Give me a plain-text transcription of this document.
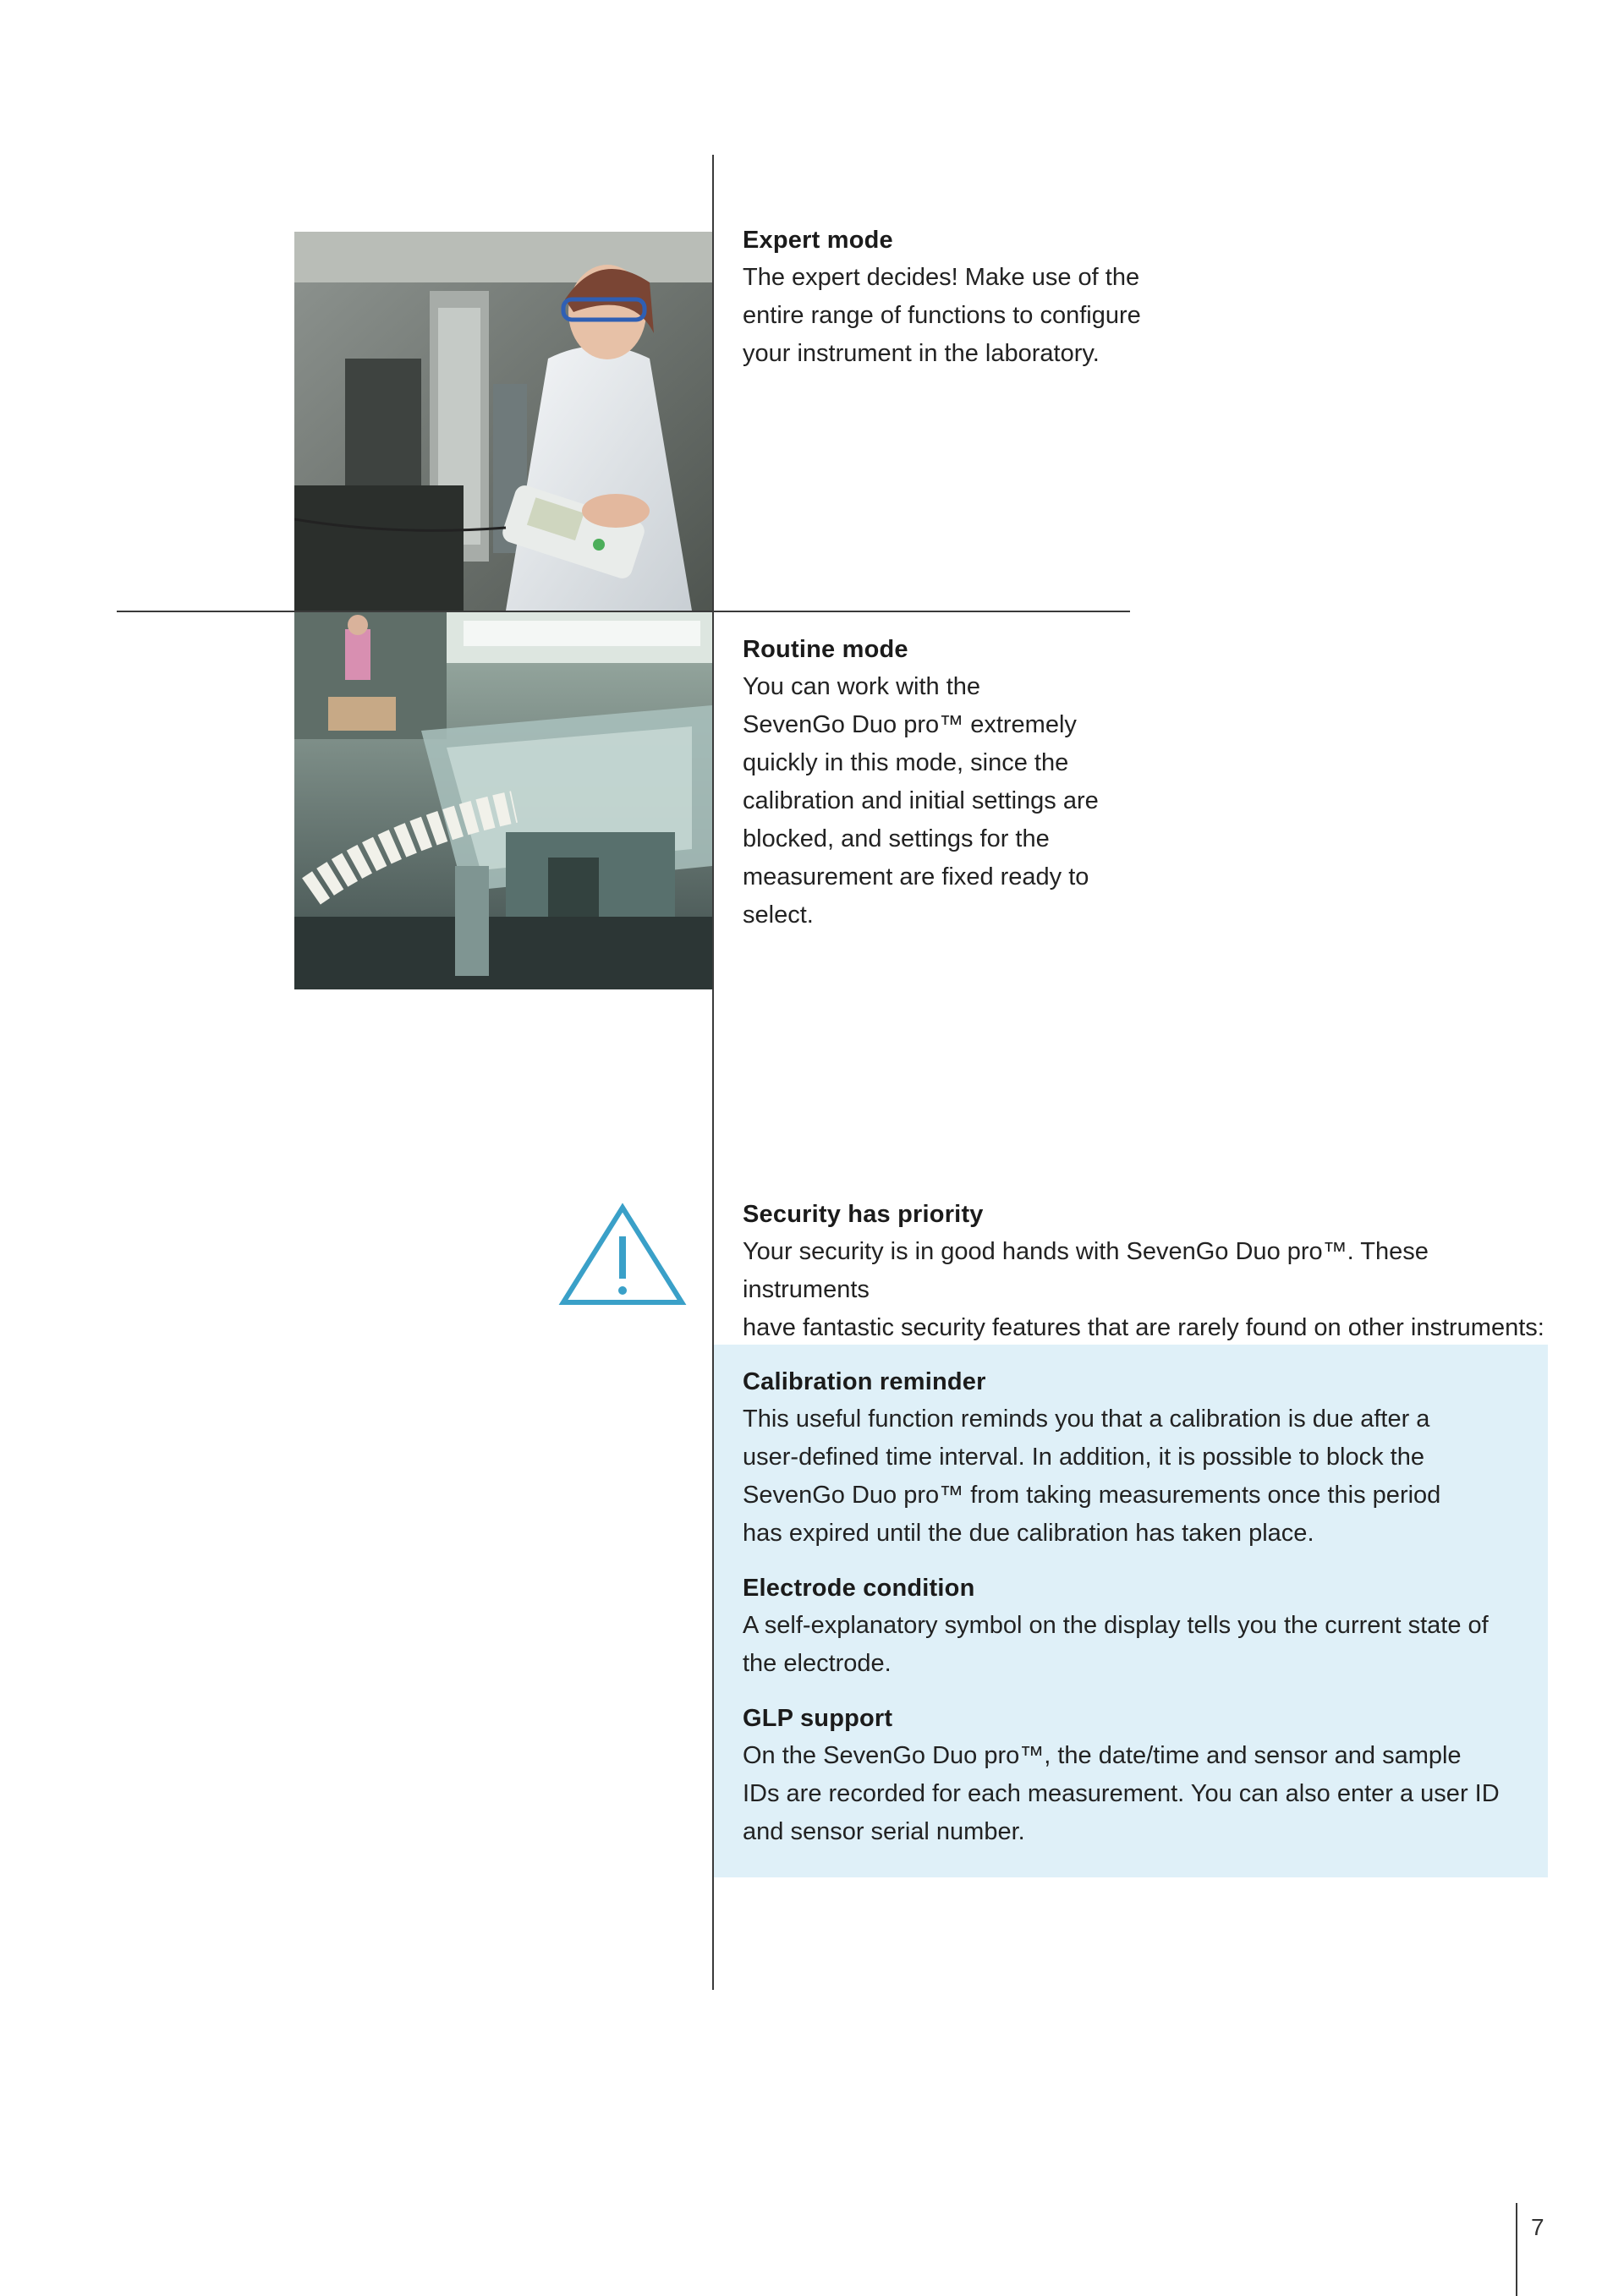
Expert mode

The expert decides! Make use of the
entire range of functions to configure
your instrument in the laboratory.

Routine mode

You can work with the
SevenGo Duo pro™ extremely
quickly in this mode, since the
calibration and initial settings are
blocked, and settings for the
measurement are fixed ready to
select.

Security has priority

Your security is in good hands with SevenGo Duo pro™. These instruments
have fantastic security features that are rarely found on other instruments:

Calibration reminder

This useful function reminds you that a calibration is due after a
user-defined time interval. In addition, it is possible to block the
SevenGo Duo pro™ from taking measurements once this period
has expired until the due calibration has taken place.

Electrode condition

A self-explanatory symbol on the display tells you the current state of
the electrode.

GLP support

On the SevenGo Duo pro™, the date/time and sensor and sample
IDs are recorded for each measurement. You can also enter a user ID
and sensor serial number.

7
